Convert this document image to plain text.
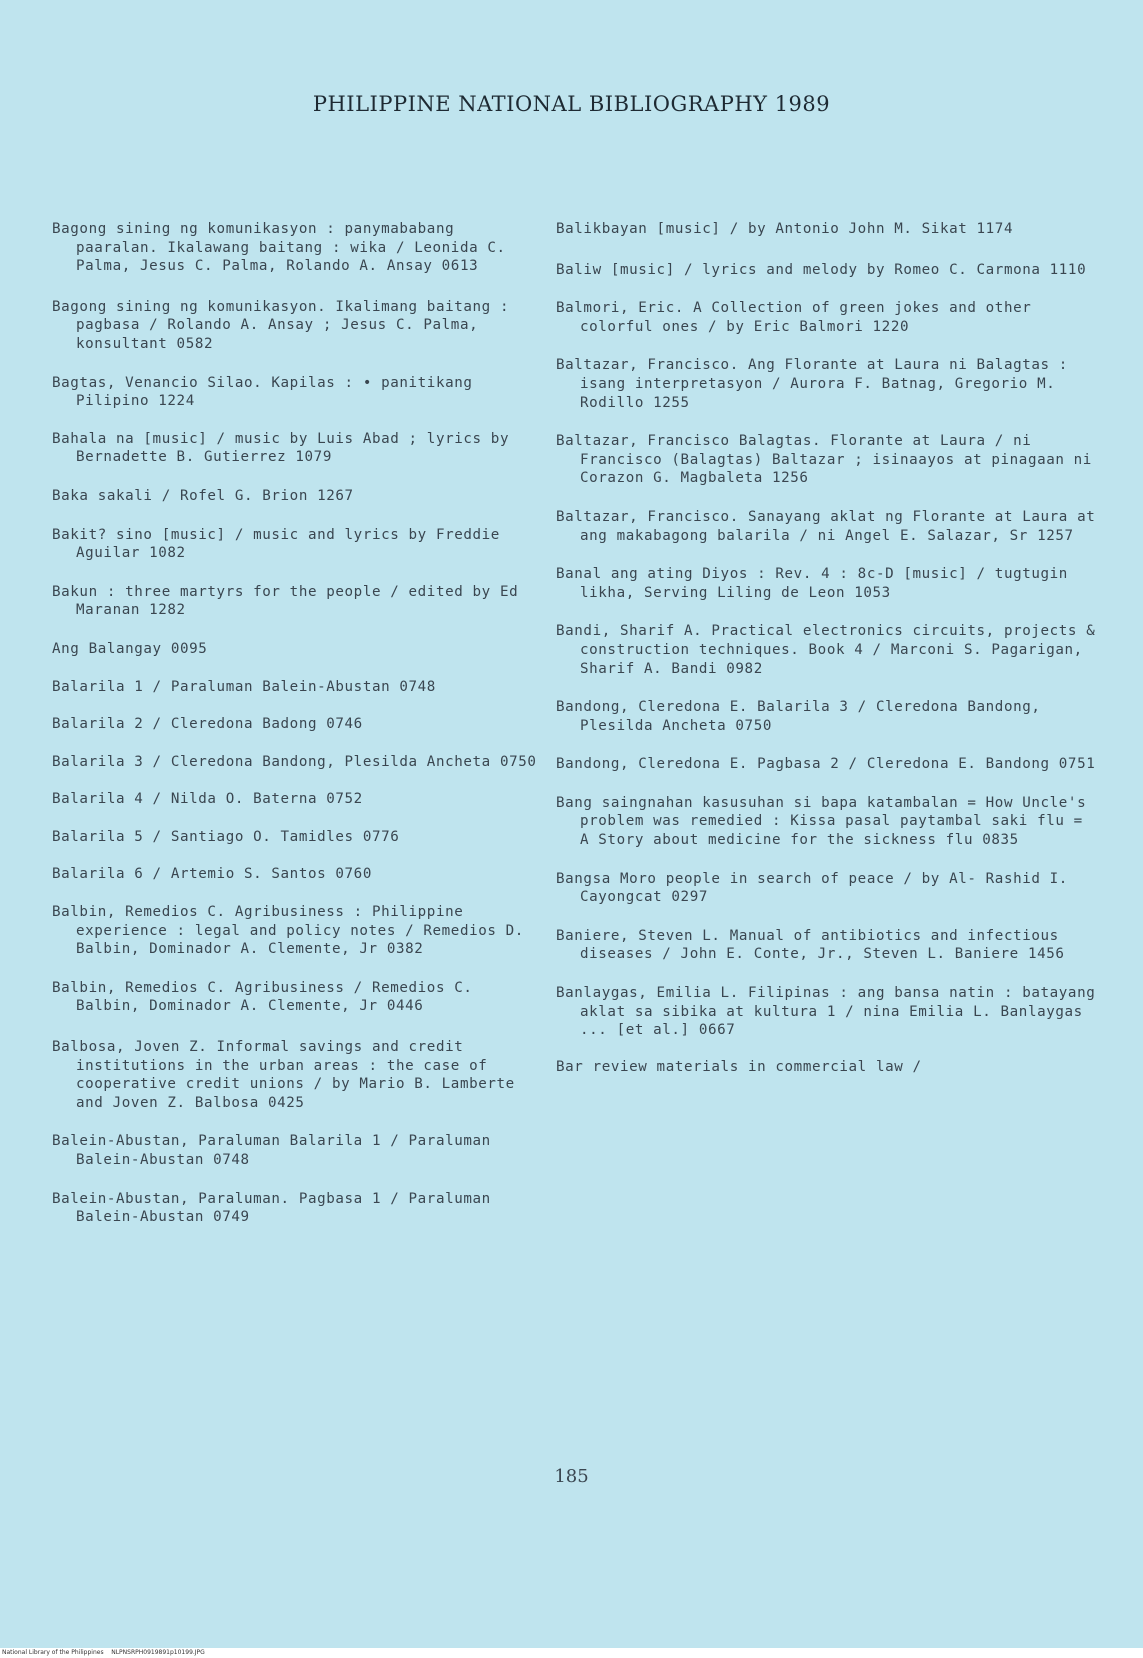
PHILIPPINE NATIONAL BIBLIOGRAPHY 1989

Bagong sining ng komunikasyon : panymababang paaralan. Ikalawang baitang : wika / Leonida C. Palma, Jesus C. Palma, Rolando A. Ansay 0613

Bagong sining ng komunikasyon. Ikalimang baitang : pagbasa / Rolando A. Ansay ; Jesus C. Palma, konsultant 0582

Bagtas, Venancio Silao. Kapilas : • panitikang Pilipino 1224

Bahala na [music] / music by Luis Abad ; lyrics by Bernadette B. Gutierrez 1079

Baka sakali / Rofel G. Brion 1267

Bakit? sino [music] / music and lyrics by Freddie Aguilar 1082

Bakun : three martyrs for the people / edited by Ed Maranan 1282

Ang Balangay 0095

Balarila 1 / Paraluman Balein-Abustan 0748

Balarila 2 / Cleredona Badong 0746

Balarila 3 / Cleredona Bandong, Plesilda Ancheta 0750

Balarila 4 / Nilda O. Baterna 0752

Balarila 5 / Santiago O. Tamidles 0776

Balarila 6 / Artemio S. Santos 0760

Balbin, Remedios C. Agribusiness : Philippine experience : legal and policy notes / Remedios D. Balbin, Dominador A. Clemente, Jr 0382

Balbin, Remedios C. Agribusiness / Remedios C. Balbin, Dominador A. Clemente, Jr 0446

Balbosa, Joven Z. Informal savings and credit institutions in the urban areas : the case of cooperative credit unions / by Mario B. Lamberte and Joven Z. Balbosa 0425

Balein-Abustan, Paraluman Balarila 1 / Paraluman Balein-Abustan 0748

Balein-Abustan, Paraluman. Pagbasa 1 / Paraluman Balein-Abustan 0749

Balikbayan [music] / by Antonio John M. Sikat 1174

Baliw [music] / lyrics and melody by Romeo C. Carmona 1110

Balmori, Eric. A Collection of green jokes and other colorful ones / by Eric Balmori 1220

Baltazar, Francisco. Ang Florante at Laura ni Balagtas : isang interpretasyon / Aurora F. Batnag, Gregorio M. Rodillo 1255

Baltazar, Francisco Balagtas. Florante at Laura / ni Francisco (Balagtas) Baltazar ; isinaayos at pinagaan ni Corazon G. Magbaleta 1256

Baltazar, Francisco. Sanayang aklat ng Florante at Laura at ang makabagong balarila / ni Angel E. Salazar, Sr 1257

Banal ang ating Diyos : Rev. 4 : 8c-D [music] / tugtugin likha, Serving Liling de Leon 1053

Bandi, Sharif A. Practical electronics circuits, projects & construction techniques. Book 4 / Marconi S. Pagarigan, Sharif A. Bandi 0982

Bandong, Cleredona E. Balarila 3 / Cleredona Bandong, Plesilda Ancheta 0750

Bandong, Cleredona E. Pagbasa 2 / Cleredona E. Bandong 0751

Bang saingnahan kasusuhan si bapa katambalan = How Uncle's problem was remedied : Kissa pasal paytambal saki flu = A Story about medicine for the sickness flu 0835

Bangsa Moro people in search of peace / by Al- Rashid I. Cayongcat 0297

Baniere, Steven L. Manual of antibiotics and infectious diseases / John E. Conte, Jr., Steven L. Baniere 1456

Banlaygas, Emilia L. Filipinas : ang bansa natin : batayang aklat sa sibika at kultura 1 / nina Emilia L. Banlaygas ... [et al.] 0667

Bar review materials in commercial law /

185
National Library of the Philippines NLPNSRPH0919891p10199.JPG
